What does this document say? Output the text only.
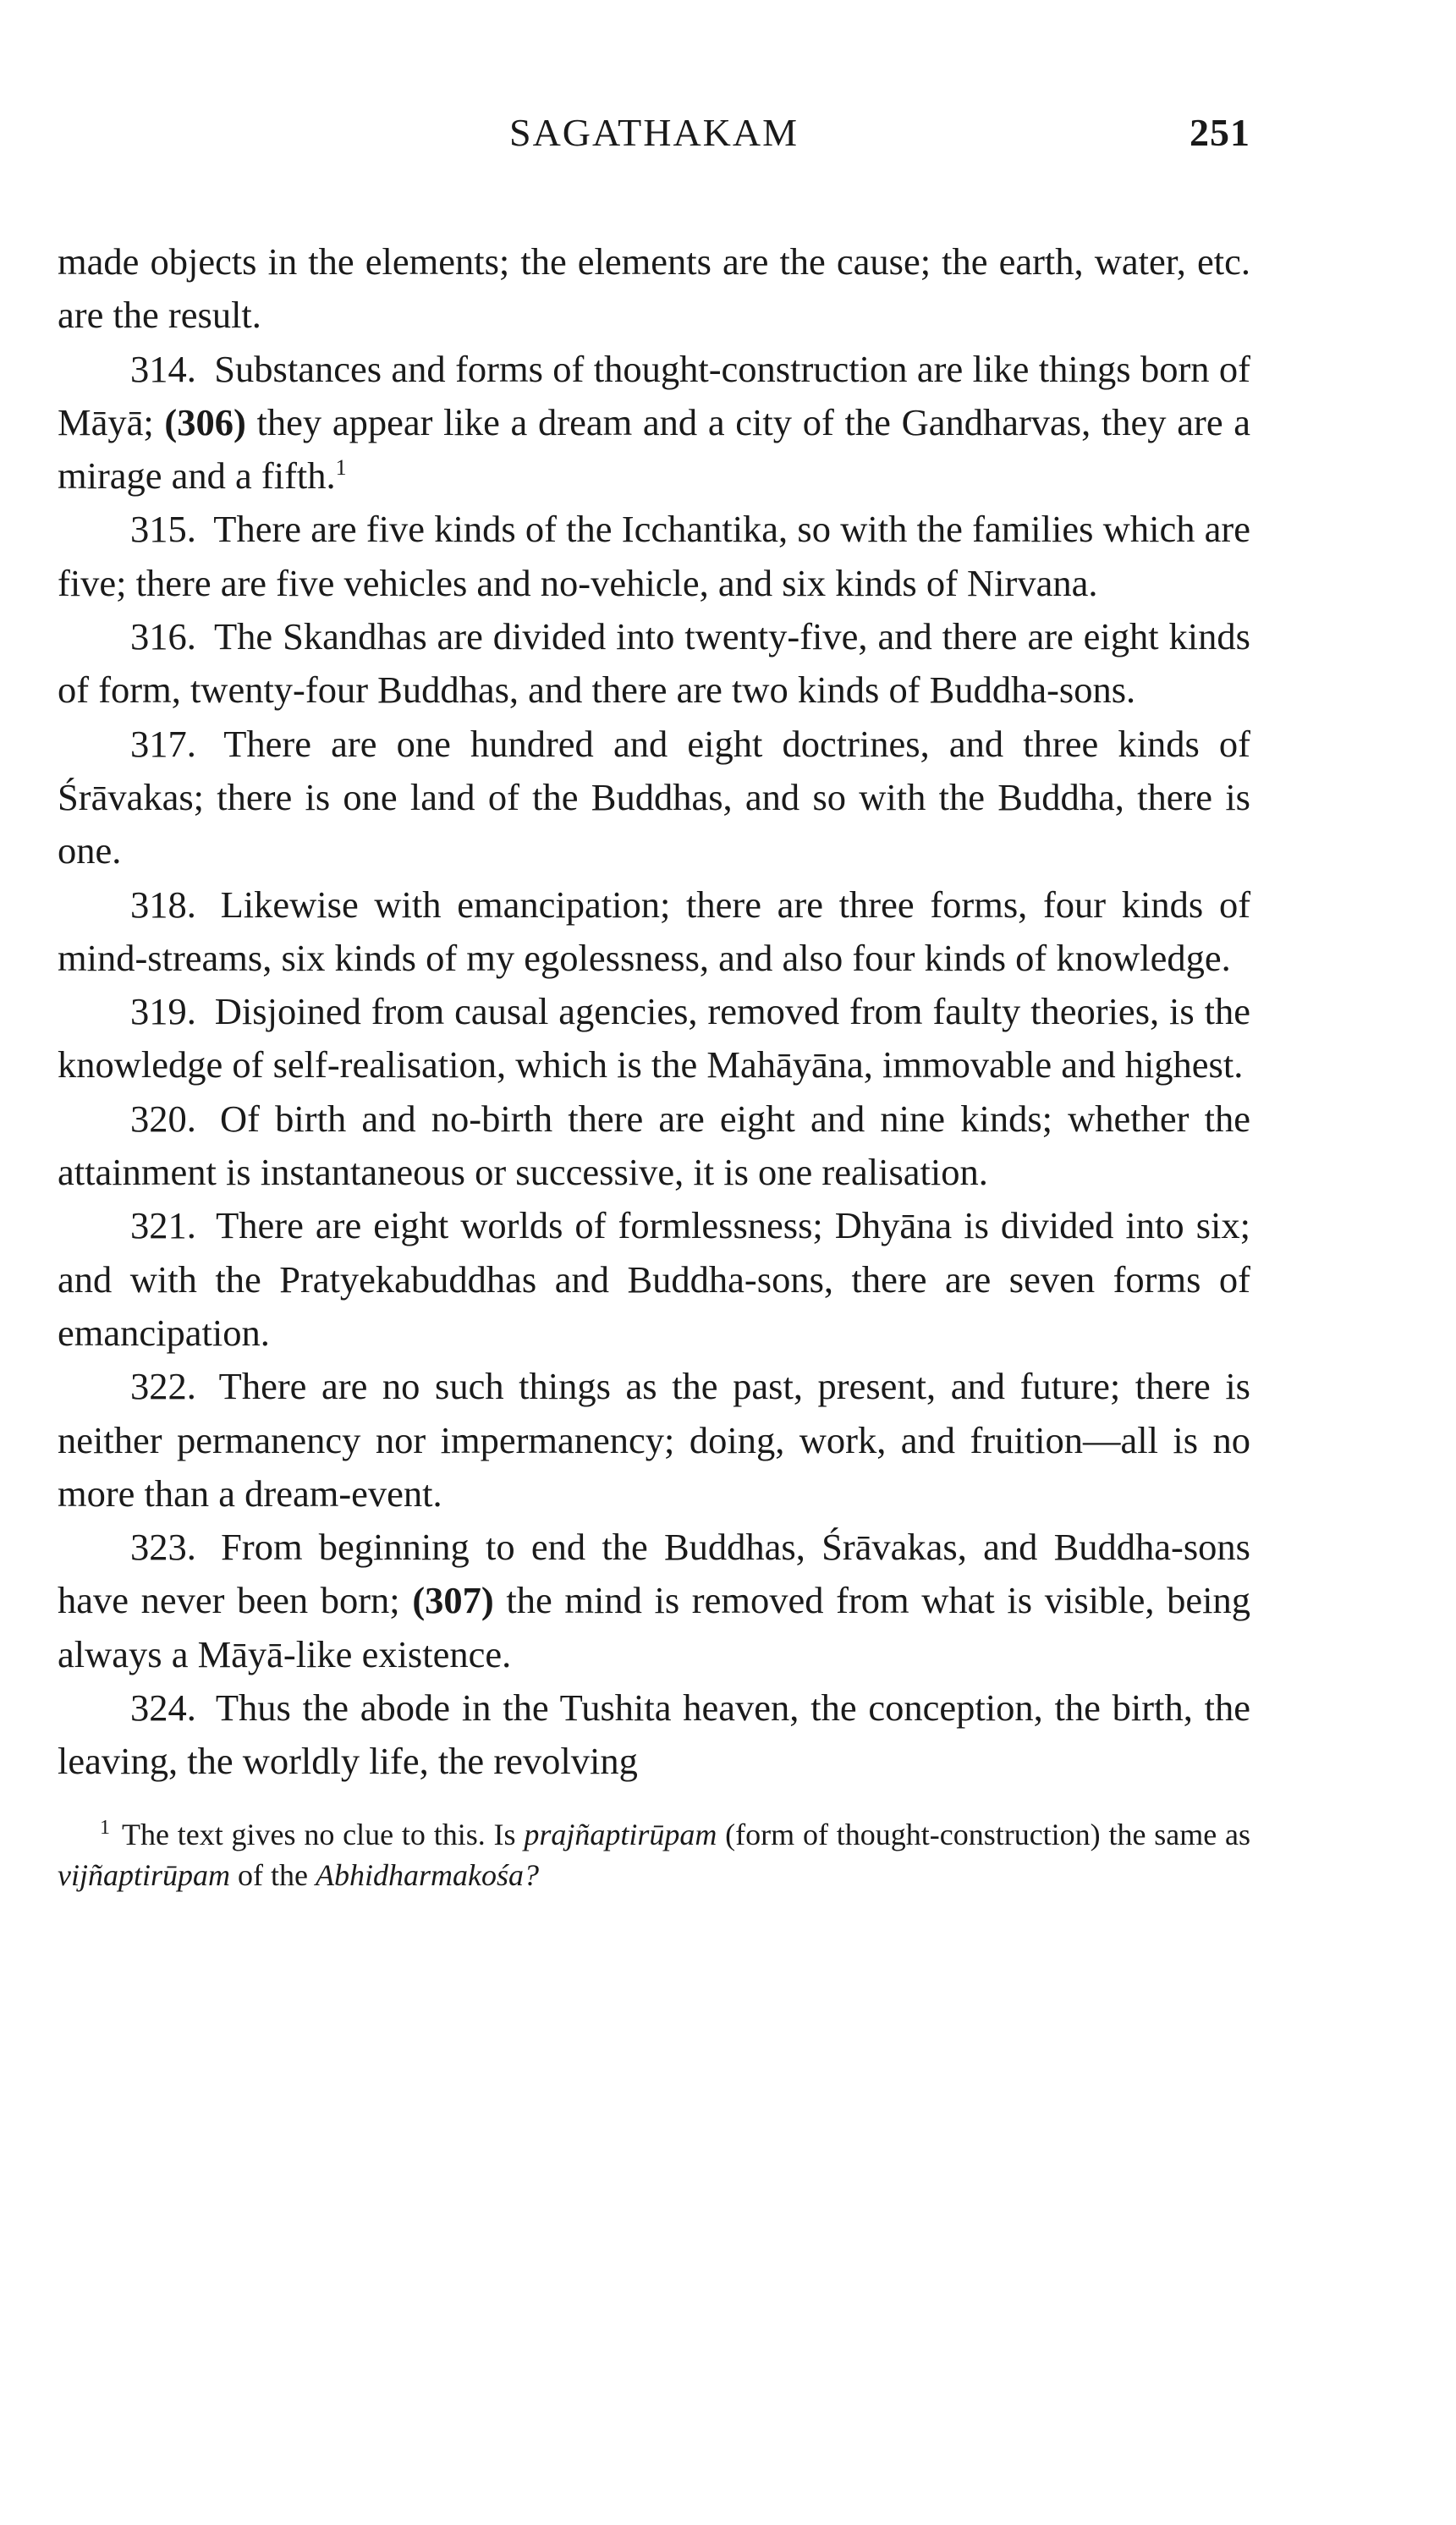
SAGATHAKAM	251

made objects in the elements; the elements are the cause; the earth, water, etc. are the result.

314. Substances and forms of thought-construction are like things born of Māyā; (306) they appear like a dream and a city of the Gandharvas, they are a mirage and a fifth.$^1$

315. There are five kinds of the Icchantika, so with the families which are five; there are five vehicles and no-vehicle, and six kinds of Nirvana.

316. The Skandhas are divided into twenty-five, and there are eight kinds of form, twenty-four Buddhas, and there are two kinds of Buddha-sons.

317. There are one hundred and eight doctrines, and three kinds of Śrāvakas; there is one land of the Buddhas, and so with the Buddha, there is one.

318. Likewise with emancipation; there are three forms, four kinds of mind-streams, six kinds of my egolessness, and also four kinds of knowledge.

319. Disjoined from causal agencies, removed from faulty theories, is the knowledge of self-realisation, which is the Mahāyāna, immovable and highest.

320. Of birth and no-birth there are eight and nine kinds; whether the attainment is instantaneous or successive, it is one realisation.

321. There are eight worlds of formlessness; Dhyāna is divided into six; and with the Pratyekabuddhas and Buddha-sons, there are seven forms of emancipation.

322. There are no such things as the past, present, and future; there is neither permanency nor impermanency; doing, work, and fruition—all is no more than a dream-event.

323. From beginning to end the Buddhas, Śrāvakas, and Buddha-sons have never been born; (307) the mind is removed from what is visible, being always a Māyā-like existence.

324. Thus the abode in the Tushita heaven, the conception, the birth, the leaving, the worldly life, the revolving

$^1$ The text gives no clue to this. Is prajñaptirūpam (form of thought-construction) the same as vijñaptirūpam of the Abhidharmakośa?
